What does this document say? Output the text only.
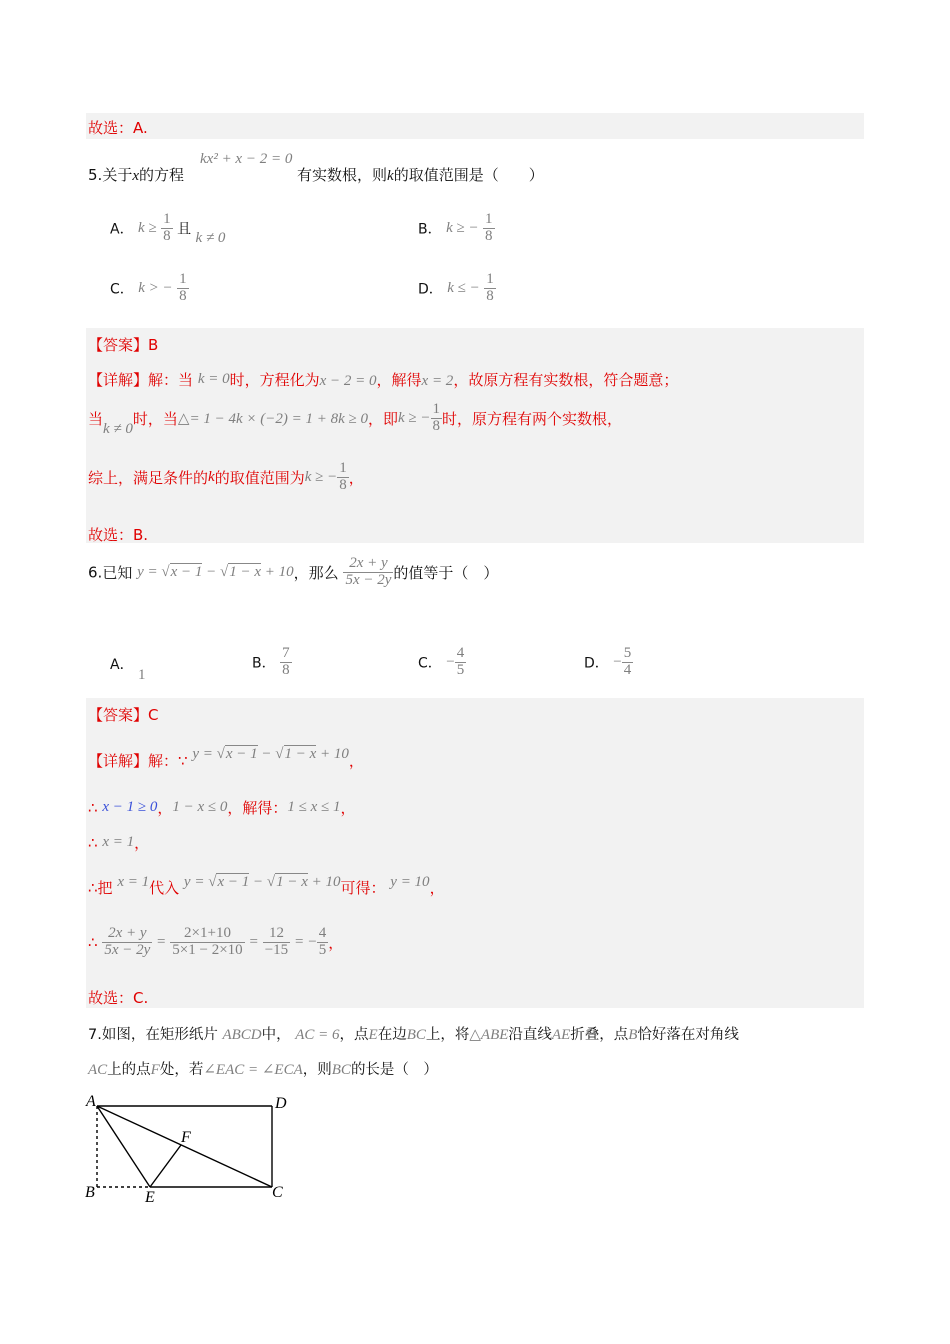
故选：A.
5.关于x的方程
kx² + x − 2 = 0
有实数根，则k的取值范围是（　　）
A． $k \ge \frac{1}{8}$ 且 k ≠ 0
B． k ≥ − $\frac{1}{8}$
C． k > − $\frac{1}{8}$	D． k ≤ − $\frac{1}{8}$
【答案】B
【详解】解：当 k = 0时，方程化为x − 2 = 0，解得x = 2，故原方程有实数根，符合题意；
当k ≠ 0时，当△= 1 − 4k × (−2) = 1 + 8k ≥ 0，即k ≥ − $\frac{1}{8}$ 时，原方程有两个实数根，
综上，满足条件的k的取值范围为k ≥ − $\frac{1}{8}$ ，
故选：B.
6.已知 y = √x − 1 − √1 − x + 10，那么 $\frac{2x + y}{5x - 2y}$ 的值等于（　）
A． 1
B． $\frac{7}{8}$	C． − $\frac{4}{5}$	D． − $\frac{5}{4}$
【答案】C
【详解】解：∵ y = √x − 1 − √1 − x + 10，
∴ x − 1 ≥ 0，1 − x ≤ 0，解得：1 ≤ x ≤ 1，
∴ x = 1，
∴把 x = 1代入 y = √x − 1 − √1 − x + 10可得： y = 10，
∴ $\frac{2x + y}{5x - 2y} = \frac{2\times 1+10}{5\times 1 - 2\times 10} = \frac{12}{-15}$ = − $\frac{4}{5}$ ，
故选：C.
7.如图，在矩形纸片 ABCD中， AC = 6，点E在边BC上，将△ABE沿直线AE折叠，点B恰好落在对角线
AC上的点F处，若∠EAC = ∠ECA，则BC的长是（　）
A	D
F
B	E	C
